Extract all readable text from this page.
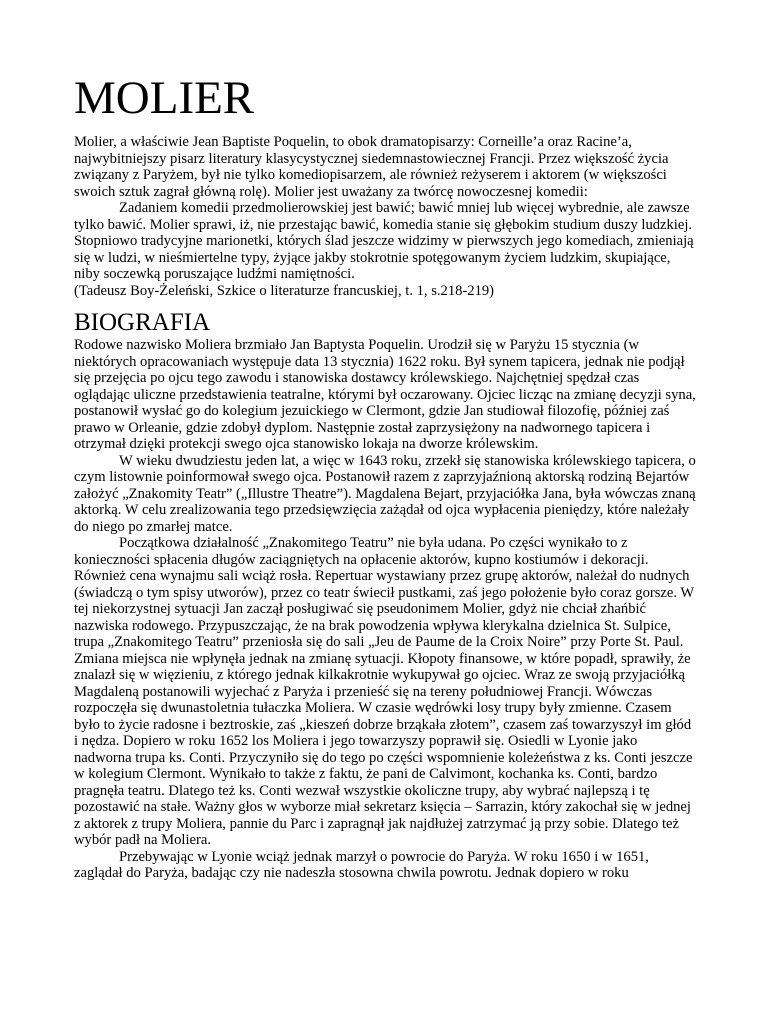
MOLIER

Molier, a właściwie Jean Baptiste Poquelin, to obok dramatopisarzy: Corneille’a oraz Racine’a, najwybitniejszy pisarz literatury klasycystycznej siedemnastowiecznej Francji. Przez większość życia związany z Paryżem, był nie tylko komediopisarzem, ale również reżyserem i aktorem (w większości swoich sztuk zagrał główną rolę). Molier jest uważany za twórcę nowoczesnej komedii:

Zadaniem komedii przedmolierowskiej jest bawić; bawić mniej lub więcej wybrednie, ale zawsze tylko bawić. Molier sprawi, iż, nie przestając bawić, komedia stanie się głębokim studium duszy ludzkiej. Stopniowo tradycyjne marionetki, których ślad jeszcze widzimy w pierwszych jego komediach, zmieniają się w ludzi, w nieśmiertelne typy, żyjące jakby stokrotnie spotęgowanym życiem ludzkim, skupiające, niby soczewką poruszające ludźmi namiętności.

(Tadeusz Boy-Żeleński, Szkice o literaturze francuskiej, t. 1, s.218-219)

BIOGRAFIA

Rodowe nazwisko Moliera brzmiało Jan Baptysta Poquelin. Urodził się w Paryżu 15 stycznia (w niektórych opracowaniach występuje data 13 stycznia) 1622 roku. Był synem tapicera, jednak nie podjął się przejęcia po ojcu tego zawodu i stanowiska dostawcy królewskiego. Najchętniej spędzał czas oglądając uliczne przedstawienia teatralne, którymi był oczarowany. Ojciec licząc na zmianę decyzji syna, postanowił wysłać go do kolegium jezuickiego w Clermont, gdzie Jan studiował filozofię, później zaś prawo w Orleanie, gdzie zdobył dyplom. Następnie został zaprzysiężony na nadwornego tapicera i otrzymał dzięki protekcji swego ojca stanowisko lokaja na dworze królewskim.

W wieku dwudziestu jeden lat, a więc w 1643 roku, zrzekł się stanowiska królewskiego tapicera, o czym listownie poinformował swego ojca. Postanowił razem z zaprzyjaźnioną aktorską rodziną Bejartów założyć „Znakomity Teatr” („Illustre Theatre”). Magdalena Bejart, przyjaciółka Jana, była wówczas znaną aktorką. W celu zrealizowania tego przedsięwzięcia zażądał od ojca wypłacenia pieniędzy, które należały do niego po zmarłej matce.

Początkowa działalność „Znakomitego Teatru” nie była udana. Po części wynikało to z konieczności spłacenia długów zaciągniętych na opłacenie aktorów, kupno kostiumów i dekoracji. Również cena wynajmu sali wciąż rosła. Repertuar wystawiany przez grupę aktorów, należał do nudnych (świadczą o tym spisy utworów), przez co teatr świecił pustkami, zaś jego położenie było coraz gorsze. W tej niekorzystnej sytuacji Jan zaczął posługiwać się pseudonimem Molier, gdyż nie chciał zhańbić nazwiska rodowego. Przypuszczając, że na brak powodzenia wpływa klerykalna dzielnica St. Sulpice, trupa „Znakomitego Teatru” przeniosła się do sali „Jeu de Paume de la Croix Noire” przy Porte St. Paul. Zmiana miejsca nie wpłynęła jednak na zmianę sytuacji. Kłopoty finansowe, w które popadł, sprawiły, że znalazł się w więzieniu, z którego jednak kilkakrotnie wykupywał go ojciec. Wraz ze swoją przyjaciółką Magdaleną postanowili wyjechać z Paryża i przenieść się na tereny południowej Francji. Wówczas rozpoczęła się dwunastoletnia tułaczka Moliera. W czasie wędrówki losy trupy były zmienne. Czasem było to życie radosne i beztroskie, zaś „kieszeń dobrze brząkała złotem”, czasem zaś towarzyszył im głód i nędza. Dopiero w roku 1652 los Moliera i jego towarzyszy poprawił się. Osiedli w Lyonie jako nadworna trupa ks. Conti. Przyczyniło się do tego po części wspomnienie koleżeństwa z ks. Conti jeszcze w kolegium Clermont. Wynikało to także z faktu, że pani de Calvimont, kochanka ks. Conti, bardzo pragnęła teatru. Dlatego też ks. Conti wezwał wszystkie okoliczne trupy, aby wybrać najlepszą i tę pozostawić na stałe. Ważny głos w wyborze miał sekretarz księcia – Sarrazin, który zakochał się w jednej z aktorek z trupy Moliera, pannie du Parc i zapragnął jak najdłużej zatrzymać ją przy sobie. Dlatego też wybór padł na Moliera.

Przebywając w Lyonie wciąż jednak marzył o powrocie do Paryża. W roku 1650 i w 1651, zaglądał do Paryża, badając czy nie nadeszła stosowna chwila powrotu. Jednak dopiero w roku
